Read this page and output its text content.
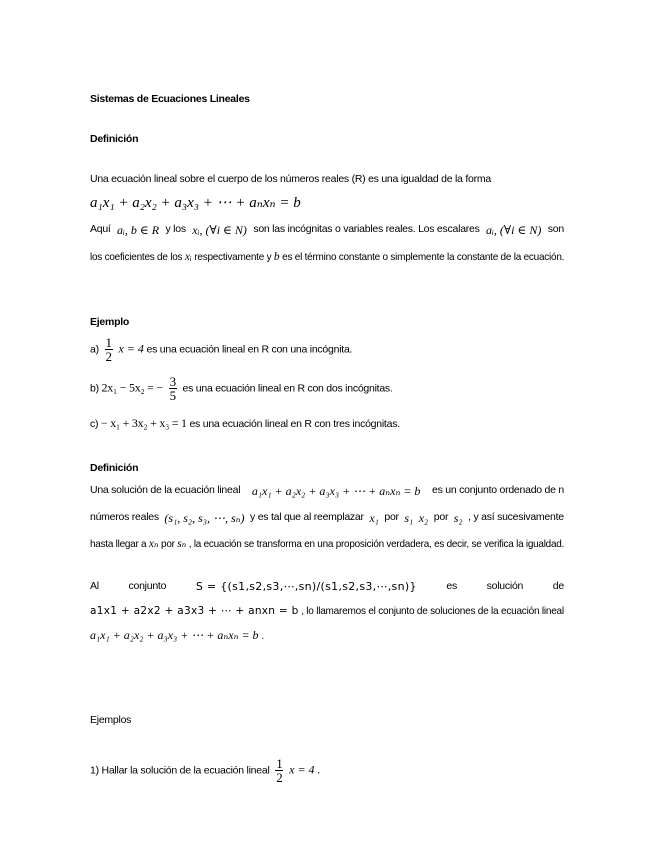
Sistemas de Ecuaciones Lineales
Definición
Una ecuación lineal sobre el cuerpo de los números reales (R) es una igualdad de la forma
a₁x₁ + a₂x₂ + a₃x₃ + ⋯ + aₙxₙ = b
Aquí aᵢ, b ∈ R y los xᵢ, (∀i ∈ N) son las incógnitas o variables reales. Los escalares aᵢ, (∀i ∈ N) son
los coeficientes de los xᵢ respectivamente y b es el término constante o simplemente la constante de la ecuación.
Ejemplo
$a) \frac{1}{2}$ x = 4 es una ecuación lineal en R con una incógnita.
b) 2x₁ − 5x₂ = − $\frac{3}{5}$ es una ecuación lineal en R con dos incógnitas.
c) − x₁ + 3x₂ + x₃ = 1 es una ecuación lineal en R con tres incógnitas.
Definición
Una solución de la ecuación lineal a₁x₁ + a₂x₂ + a₃x₃ + ⋯ + aₙxₙ = b es un conjunto ordenado de n
números reales (s₁, s₂, s₃, ⋯, sₙ) y es tal que al reemplazar x₁ por s₁ x₂ por s₂ , y así sucesivamente
hasta llegar a xₙ por sₙ , la ecuación se transforma en una proposición verdadera, es decir, se verifica la igualdad.
Al	conjunto	S = {(s1,s2,s3,⋯,sn)/(s1,s2,s3,⋯,sn)}	es	solución	de
a1x1 + a2x2 + a3x3 + ⋯ + anxn = b , lo llamaremos el conjunto de soluciones de la ecuación lineal
a₁x₁ + a₂x₂ + a₃x₃ + ⋯ + aₙxₙ = b .
Ejemplos
1) Hallar la solución de la ecuación lineal $\frac{1}{2}$ x = 4 .
